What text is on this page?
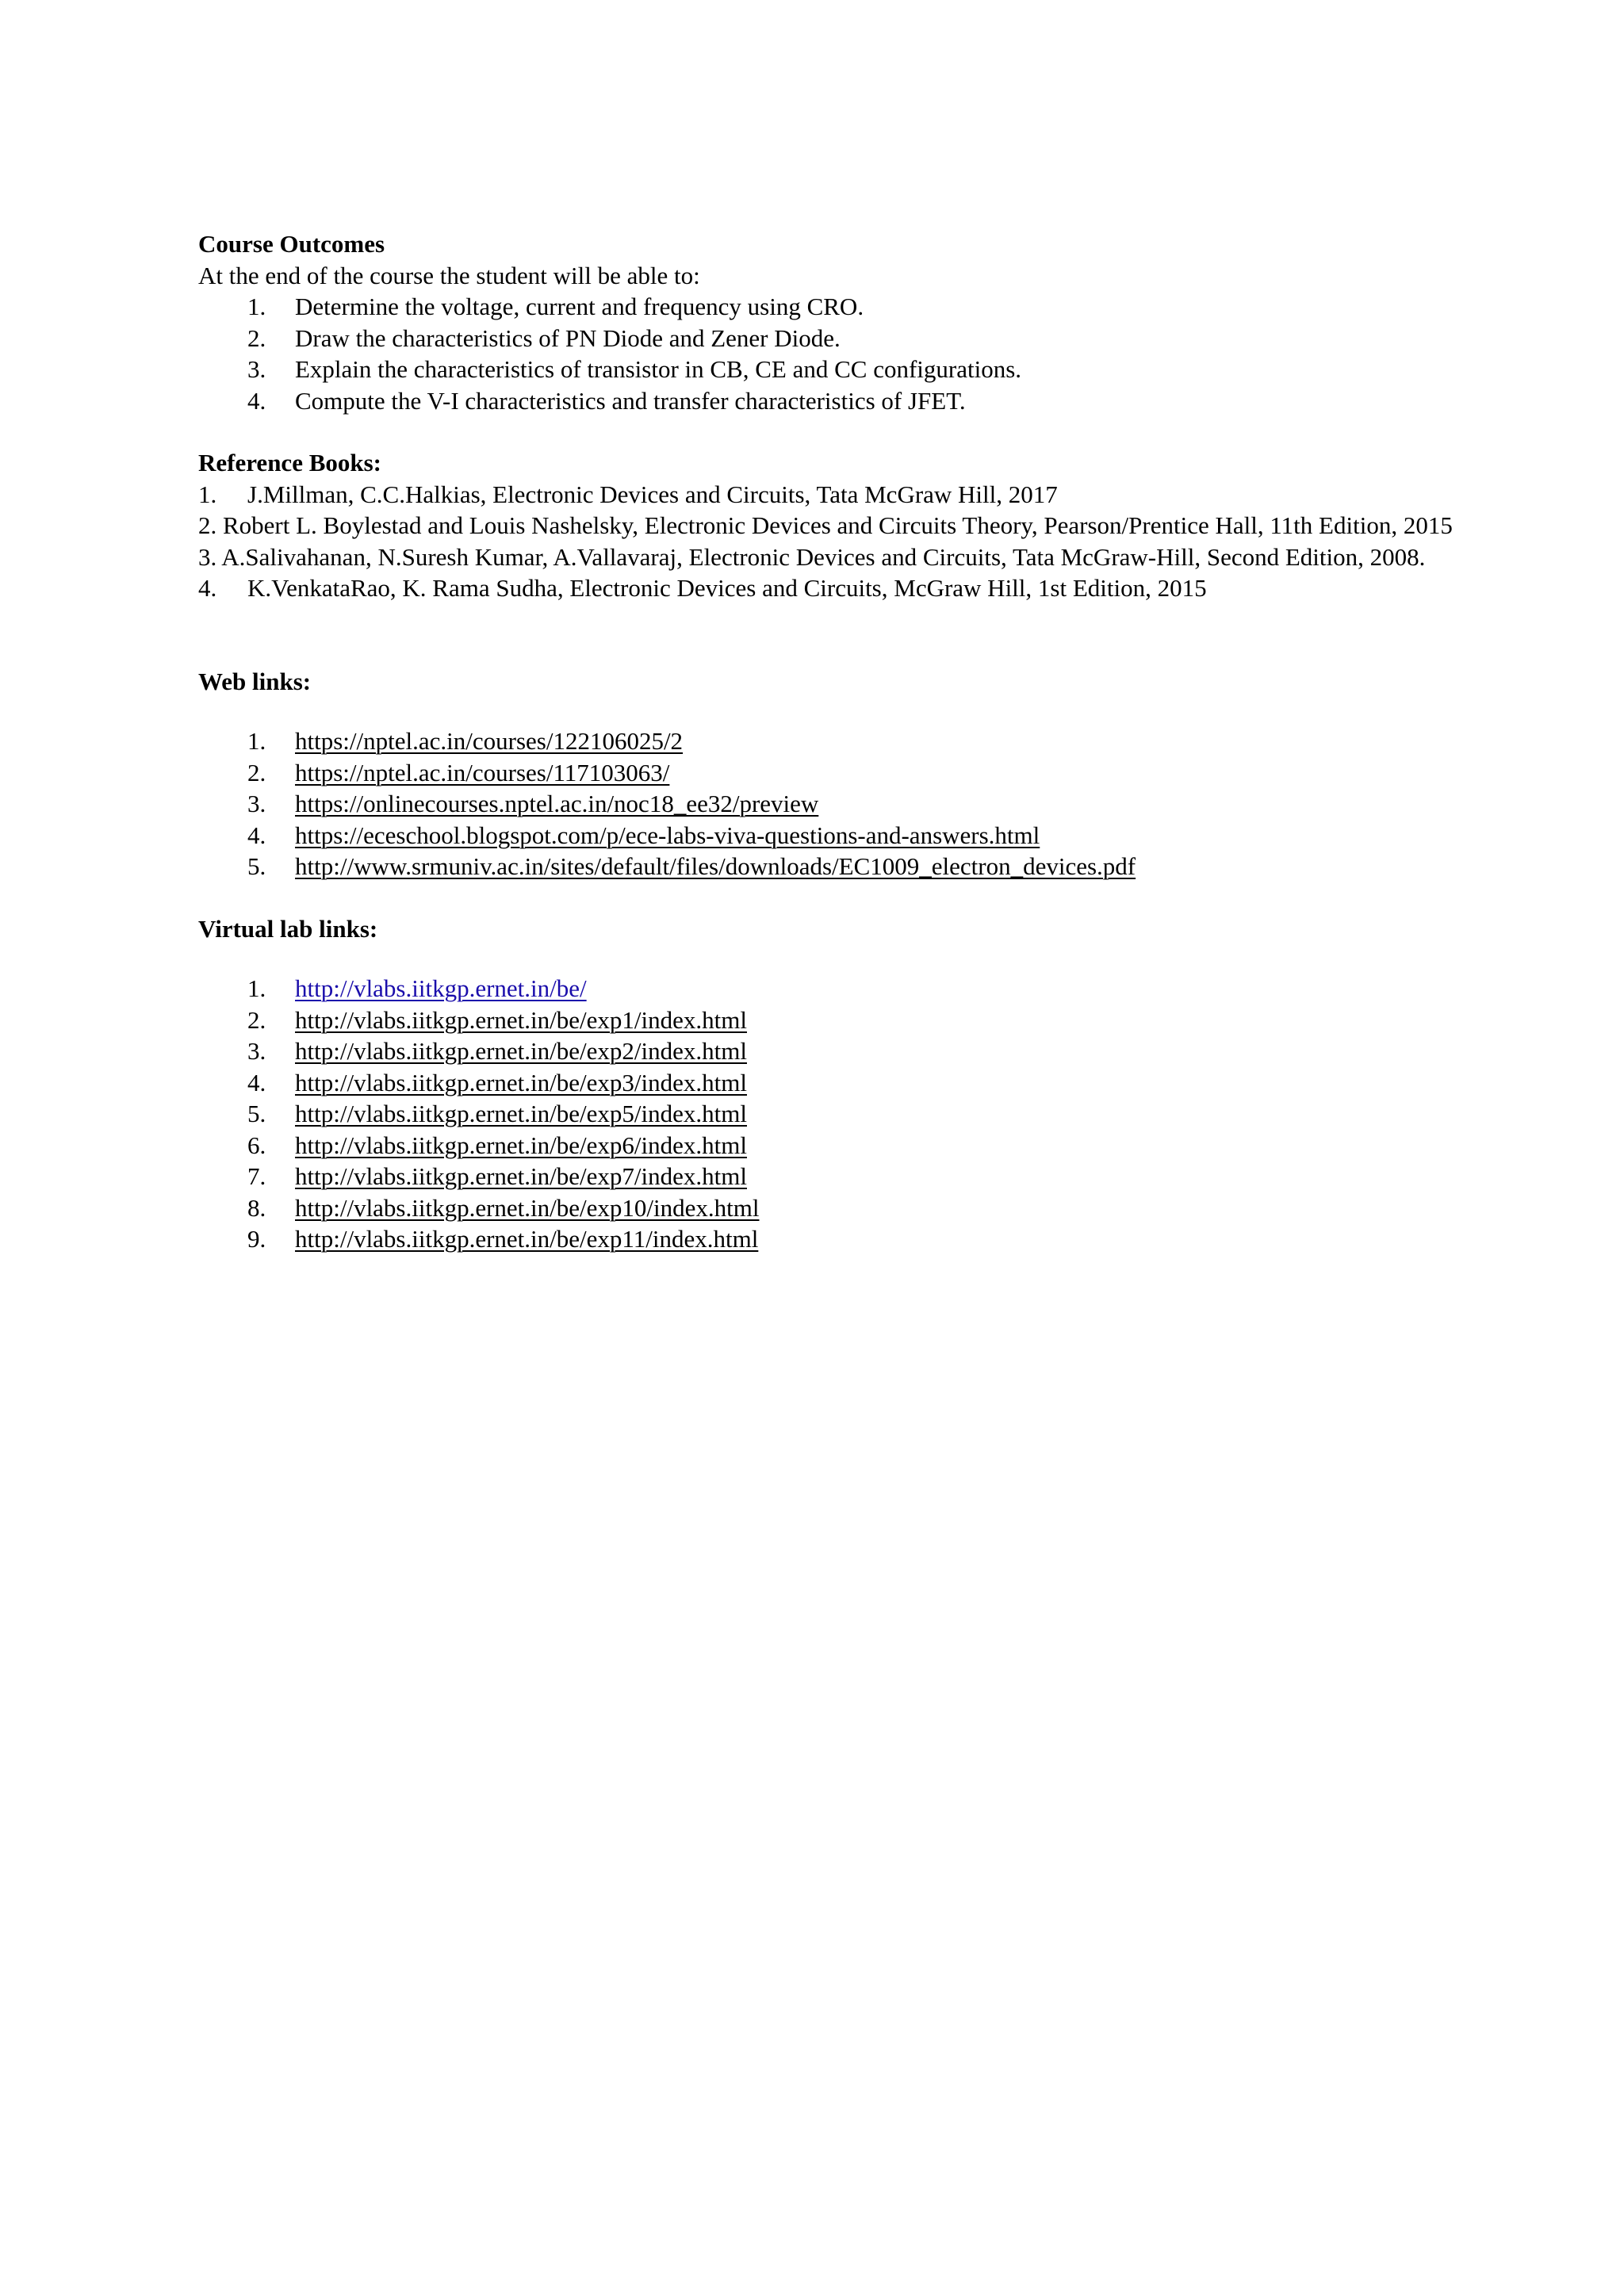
Course Outcomes

At the end of the course the student will be able to:

1. Determine the voltage, current and frequency using CRO.
2. Draw the characteristics of PN Diode and Zener Diode.
3. Explain the characteristics of transistor in CB, CE and CC configurations.
4. Compute the V-I characteristics and transfer characteristics of JFET.

Reference Books:

1. J.Millman, C.C.Halkias, Electronic Devices and Circuits, Tata McGraw Hill, 2017
2. Robert L. Boylestad and Louis Nashelsky, Electronic Devices and Circuits Theory, Pearson/Prentice Hall, 11th Edition, 2015
3. A.Salivahanan, N.Suresh Kumar, A.Vallavaraj, Electronic Devices and Circuits, Tata McGraw-Hill, Second Edition, 2008.
4. K.VenkataRao, K. Rama Sudha, Electronic Devices and Circuits, McGraw Hill, 1st Edition, 2015

Web links:

1. https://nptel.ac.in/courses/122106025/2
2. https://nptel.ac.in/courses/117103063/
3. https://onlinecourses.nptel.ac.in/noc18_ee32/preview
4. https://eceschool.blogspot.com/p/ece-labs-viva-questions-and-answers.html
5. http://www.srmuniv.ac.in/sites/default/files/downloads/EC1009_electron_devices.pdf

Virtual lab links:

1. http://vlabs.iitkgp.ernet.in/be/
2. http://vlabs.iitkgp.ernet.in/be/exp1/index.html
3. http://vlabs.iitkgp.ernet.in/be/exp2/index.html
4. http://vlabs.iitkgp.ernet.in/be/exp3/index.html
5. http://vlabs.iitkgp.ernet.in/be/exp5/index.html
6. http://vlabs.iitkgp.ernet.in/be/exp6/index.html
7. http://vlabs.iitkgp.ernet.in/be/exp7/index.html
8. http://vlabs.iitkgp.ernet.in/be/exp10/index.html
9. http://vlabs.iitkgp.ernet.in/be/exp11/index.html
